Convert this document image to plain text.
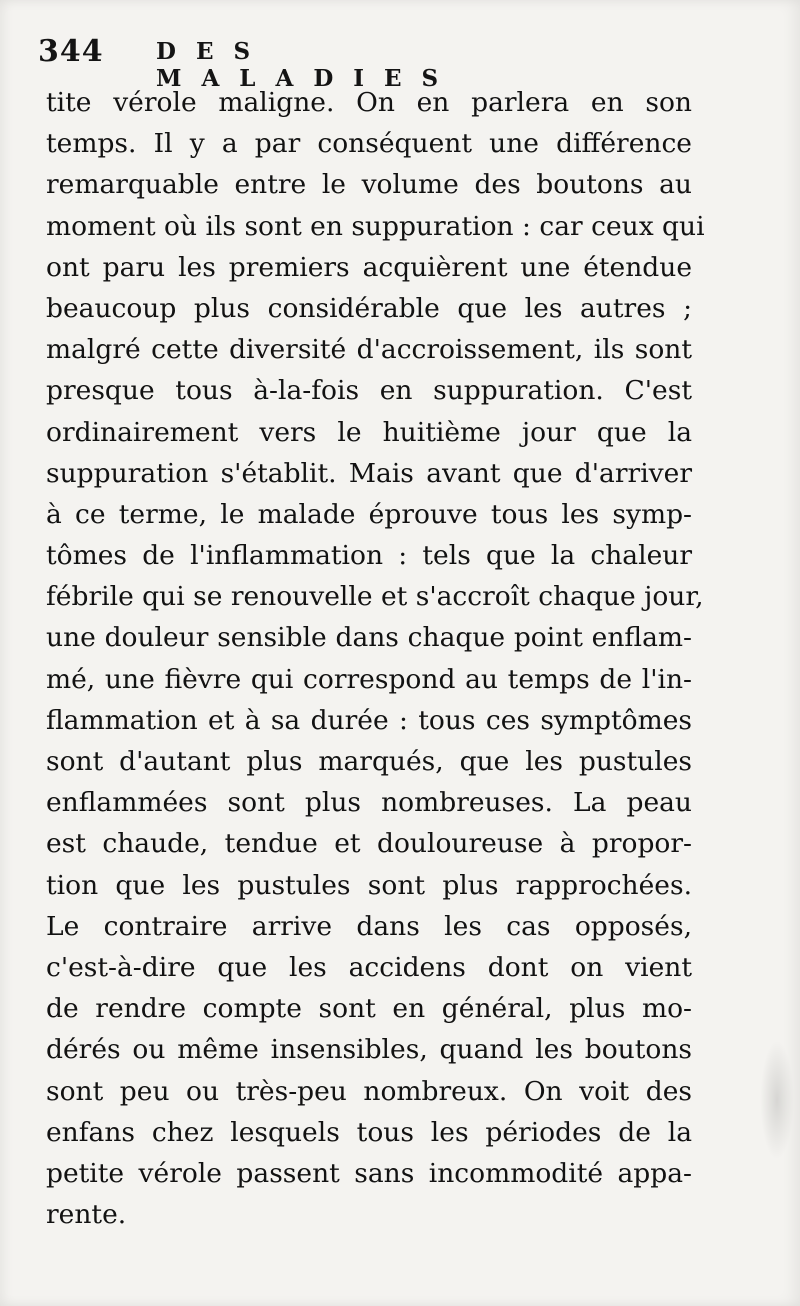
344 DES MALADIES
tite vérole maligne. On en parlera en son
temps. Il y a par conséquent une différence
remarquable entre le volume des boutons au
moment où ils sont en suppuration : car ceux qui
ont paru les premiers acquièrent une étendue
beaucoup plus considérable que les autres ;
malgré cette diversité d'accroissement, ils sont
presque tous à-la-fois en suppuration. C'est
ordinairement vers le huitième jour que la
suppuration s'établit. Mais avant que d'arriver
à ce terme, le malade éprouve tous les symp-
tômes de l'inflammation : tels que la chaleur
fébrile qui se renouvelle et s'accroît chaque jour,
une douleur sensible dans chaque point enflam-
mé, une fièvre qui correspond au temps de l'in-
flammation et à sa durée : tous ces symptômes
sont d'autant plus marqués, que les pustules
enflammées sont plus nombreuses. La peau
est chaude, tendue et douloureuse à propor-
tion que les pustules sont plus rapprochées.
Le contraire arrive dans les cas opposés,
c'est-à-dire que les accidens dont on vient
de rendre compte sont en général, plus mo-
dérés ou même insensibles, quand les boutons
sont peu ou très-peu nombreux. On voit des
enfans chez lesquels tous les périodes de la
petite vérole passent sans incommodité appa-
rente.
